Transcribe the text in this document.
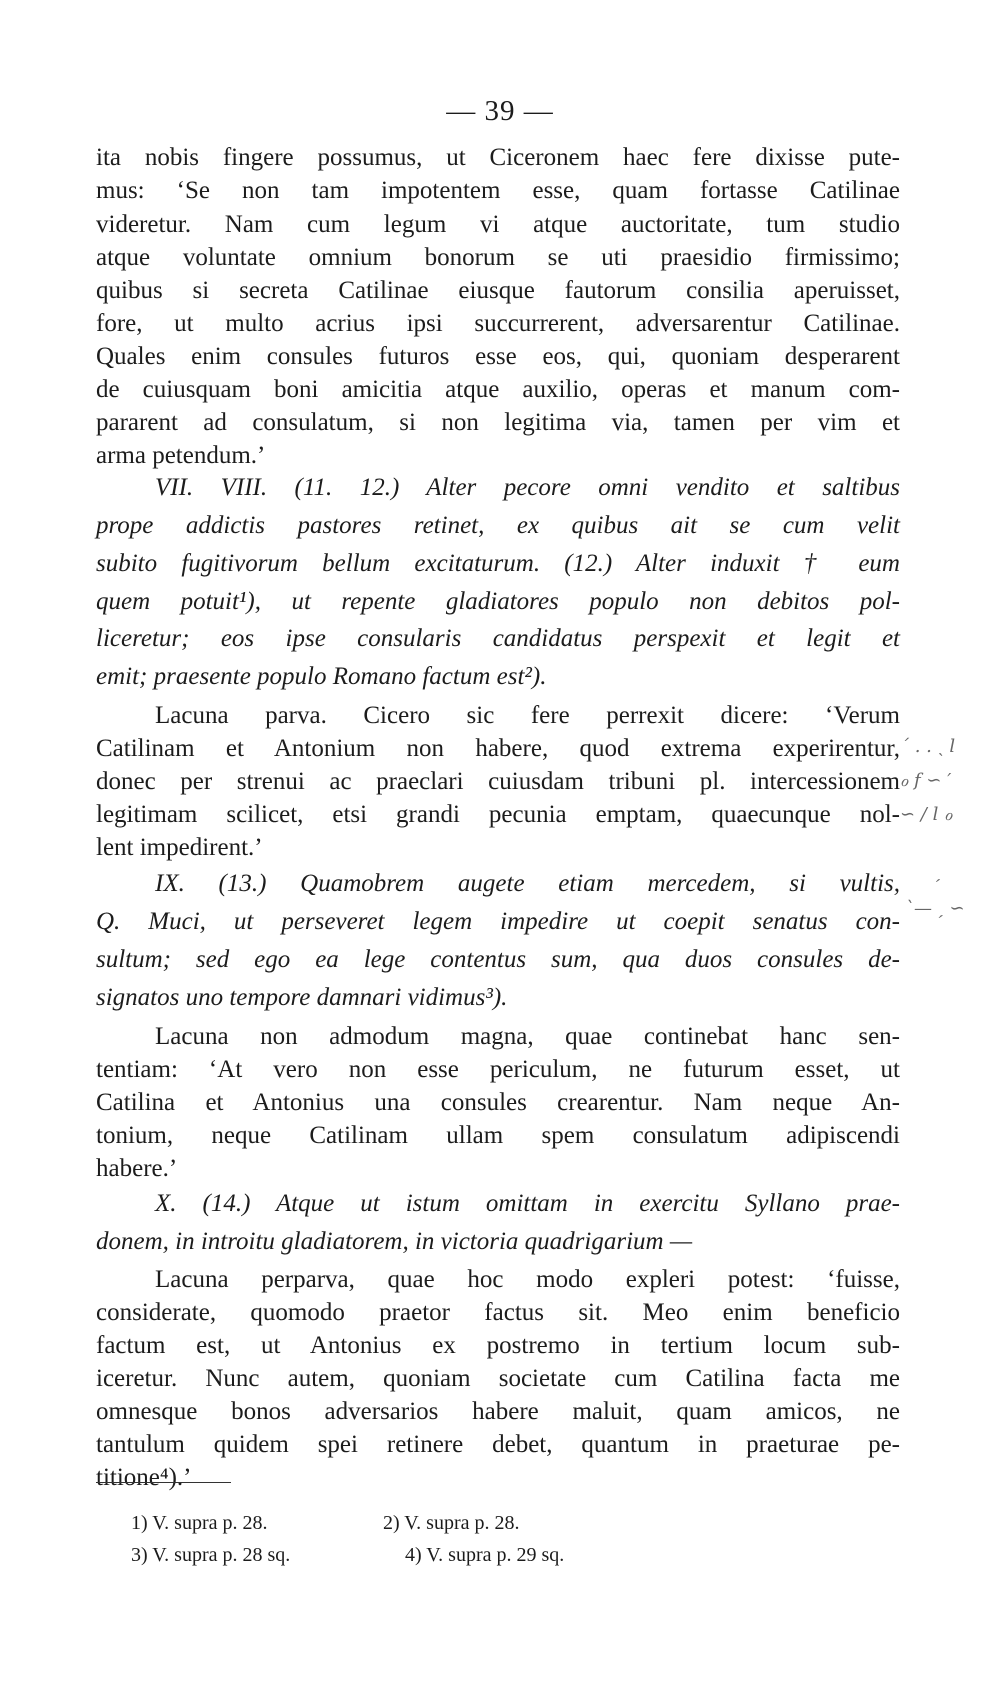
— 39 —
ita nobis fingere possumus, ut Ciceronem haec fere dixisse pute-
mus: ‘Se non tam impotentem esse, quam fortasse Catilinae
videretur. Nam cum legum vi atque auctoritate, tum studio
atque voluntate omnium bonorum se uti praesidio firmissimo;
quibus si secreta Catilinae eiusque fautorum consilia aperuisset,
fore, ut multo acrius ipsi succurrerent, adversarentur Catilinae.
Quales enim consules futuros esse eos, qui, quoniam desperarent
de cuiusquam boni amicitia atque auxilio, operas et manum com-
pararent ad consulatum, si non legitima via, tamen per vim et
arma petendum.’
VII. VIII. (11. 12.) Alter pecore omni vendito et saltibus
prope addictis pastores retinet, ex quibus ait se cum velit
subito fugitivorum bellum excitaturum. (12.) Alter induxit † eum
quem potuit¹), ut repente gladiatores populo non debitos pol-
liceretur; eos ipse consularis candidatus perspexit et legit et
emit; praesente populo Romano factum est²).
Lacuna parva. Cicero sic fere perrexit dicere: ‘Verum
Catilinam et Antonium non habere, quod extrema experirentur,
donec per strenui ac praeclari cuiusdam tribuni pl. intercessionem
legitimam scilicet, etsi grandi pecunia emptam, quaecunque nol-
lent impedirent.’
IX. (13.) Quamobrem augete etiam mercedem, si vultis,
Q. Muci, ut perseveret legem impedire ut coepit senatus con-
sultum; sed ego ea lege contentus sum, qua duos consules de-
signatos uno tempore damnari vidimus³).
Lacuna non admodum magna, quae continebat hanc sen-
tentiam: ‘At vero non esse periculum, ne futurum esset, ut
Catilina et Antonius una consules crearentur. Nam neque An-
tonium, neque Catilinam ullam spem consulatum adipiscendi
habere.’
X. (14.) Atque ut istum omittam in exercitu Syllano prae-
donem, in introitu gladiatorem, in victoria quadrigarium —
Lacuna perparva, quae hoc modo expleri potest: ‘fuisse,
considerate, quomodo praetor factus sit. Meo enim beneficio
factum est, ut Antonius ex postremo in tertium locum sub-
iceretur. Nunc autem, quoniam societate cum Catilina facta me
omnesque bonos adversarios habere maluit, quam amicos, ne
tantulum quidem spei retinere debet, quantum in praeturae pe-
titione⁴).’
1) V. supra p. 28.	2) V. supra p. 28.
3) V. supra p. 28 sq.	4) V. supra p. 29 sq.
ˊ . . ˎ l
ℴ f ∽ ′
∽ / l ℴ
ˏ
ˋ— ˏ ∽
